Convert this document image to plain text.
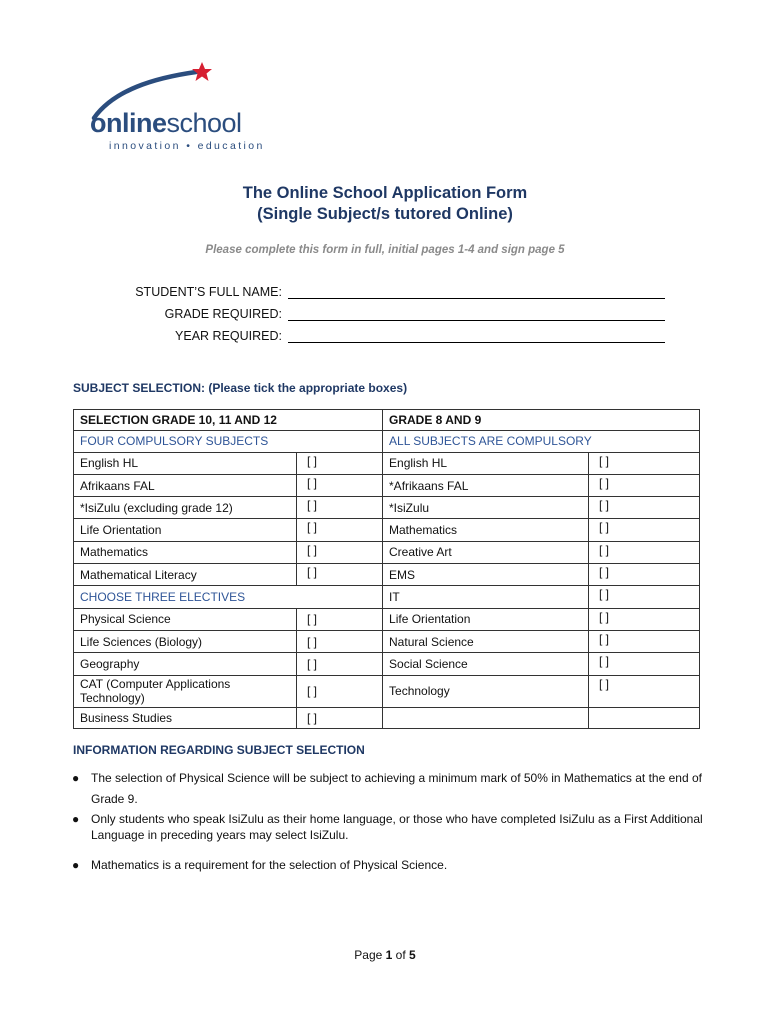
onlineschool
innovation • education
The Online School Application Form
(Single Subject/s tutored Online)
Please complete this form in full, initial pages 1-4 and sign page 5
STUDENT’S FULL NAME:
GRADE REQUIRED:
YEAR REQUIRED:
SUBJECT SELECTION: (Please tick the appropriate boxes)
SELECTION GRADE 10, 11 AND 12		GRADE 8 AND 9	
FOUR COMPULSORY SUBJECTS		ALL SUBJECTS ARE COMPULSORY	
English HL	[ ]	English HL	[ ]
Afrikaans FAL	[ ]	*Afrikaans FAL	[ ]
*IsiZulu (excluding grade 12)	[ ]	*IsiZulu	[ ]
Life Orientation	[ ]	Mathematics	[ ]
Mathematics	[ ]	Creative Art	[ ]
Mathematical Literacy	[ ]	EMS	[ ]
CHOOSE THREE ELECTIVES		IT	[ ]
Physical Science	[ ]	Life Orientation	[ ]
Life Sciences (Biology)	[ ]	Natural Science	[ ]
Geography	[ ]	Social Science	[ ]
CAT (Computer Applications Technology)	[ ]	Technology	[ ]
Business Studies	[ ]		
INFORMATION REGARDING SUBJECT SELECTION
● The selection of Physical Science will be subject to achieving a minimum mark of 50% in Mathematics at the end of Grade 9.
● Only students who speak IsiZulu as their home language, or those who have completed IsiZulu as a First Additional Language in preceding years may select IsiZulu.
● Mathematics is a requirement for the selection of Physical Science.
Page 1 of 5
